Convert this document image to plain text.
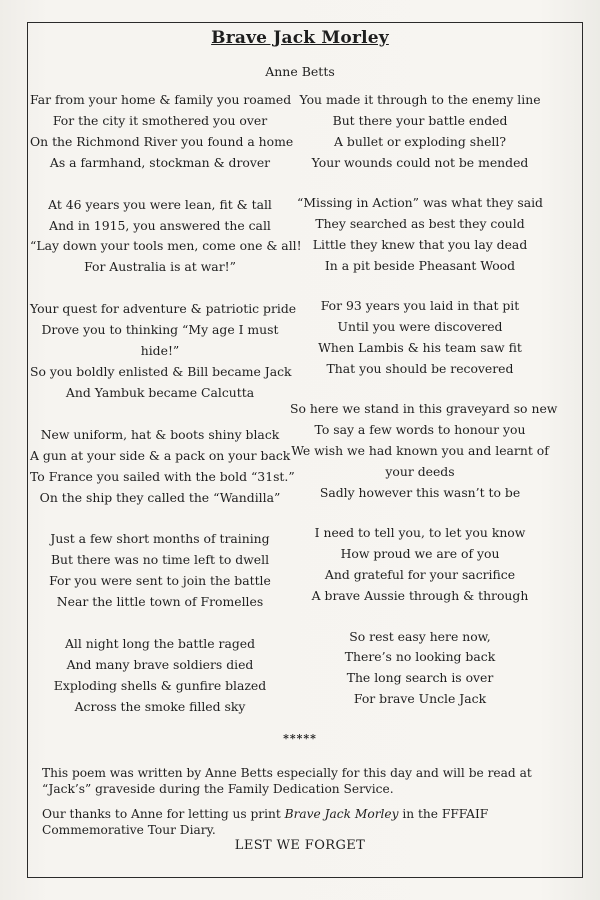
Brave Jack Morley
Anne Betts
Far from your home & family you roamed
For the city it smothered you over
On the Richmond River you found a home
As a farmhand, stockman & drover
At 46 years you were lean, fit & tall
And in 1915, you answered the call
“Lay down your tools men, come one & all!
For Australia is at war!”
Your quest for adventure & patriotic pride
Drove you to thinking “My age I must
hide!”
So you boldly enlisted & Bill became Jack
And Yambuk became Calcutta
New uniform, hat & boots shiny black
A gun at your side & a pack on your back
To France you sailed with the bold “31st.”
On the ship they called the “Wandilla”
Just a few short months of training
But there was no time left to dwell
For you were sent to join the battle
Near the little town of Fromelles
All night long the battle raged
And many brave soldiers died
Exploding shells & gunfire blazed
Across the smoke filled sky
You made it through to the enemy line
But there your battle ended
A bullet or exploding shell?
Your wounds could not be mended
“Missing in Action” was what they said
They searched as best they could
Little they knew that you lay dead
In a pit beside Pheasant Wood
For 93 years you laid in that pit
Until you were discovered
When Lambis & his team saw fit
That you should be recovered
So here we stand in this graveyard so new
To say a few words to honour you
We wish we had known you and learnt of
your deeds
Sadly however this wasn’t to be
I need to tell you, to let you know
How proud we are of you
And grateful for your sacrifice
A brave Aussie through & through
So rest easy here now,
There’s no looking back
The long search is over
For brave Uncle Jack
*****
This poem was written by Anne Betts especially for this day and will be read at “Jack’s” graveside during the Family Dedication Service.
Our thanks to Anne for letting us print Brave Jack Morley in the FFFAIF Commemorative Tour Diary.
LEST WE FORGET
